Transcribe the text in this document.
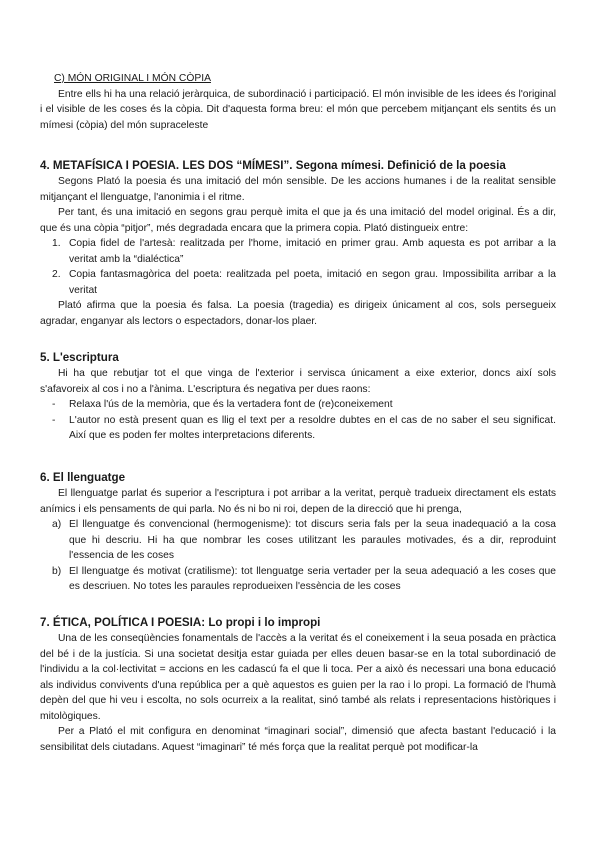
C) MÓN ORIGINAL I MÓN CÒPIA

Entre ells hi ha una relació jeràrquica, de subordinació i participació. El món invisible de les idees és l'original i el visible de les coses és la còpia. Dit d'aquesta forma breu: el món que percebem mitjançant els sentits és un mímesi (còpia) del món supraceleste

4. METAFÍSICA I POESIA. LES DOS “MÍMESI”. Segona mímesi. Definició de la poesia

Segons Plató la poesia és una imitació del món sensible. De les accions humanes i de la realitat sensible mitjançant el llenguatge, l'anonimia i el ritme.

Per tant, és una imitació en segons grau perquè imita el que ja és una imitació del model original. És a dir, que és una còpia “pitjor”, més degradada encara que la primera copia. Plató distingueix entre:

1. Copia fidel de l'artesà: realitzada per l'home, imitació en primer grau. Amb aquesta es pot arribar a la veritat amb la “dialéctica”
2. Copia fantasmagòrica del poeta: realitzada pel poeta, imitació en segon grau. Impossibilita arribar a la veritat

Plató afirma que la poesia és falsa. La poesia (tragedia) es dirigeix únicament al cos, sols persegueix agradar, enganyar als lectors o espectadors, donar-los plaer.

5. L'escriptura

Hi ha que rebutjar tot el que vinga de l'exterior i servisca únicament a eixe exterior, doncs així sols s'afavoreix al cos i no a l'ànima. L'escriptura és negativa per dues raons:

- Relaxa l'ús de la memòria, que és la vertadera font de (re)coneixement
- L'autor no està present quan es llig el text per a resoldre dubtes en el cas de no saber el seu significat. Així que es poden fer moltes interpretacions diferents.
6. El llenguatge

El llenguatge parlat és superior a l'escriptura i pot arribar a la veritat, perquè tradueix directament els estats anímics i els pensaments de qui parla. No és ni bo ni roi, depen de la direcció que hi prenga,

a) El llenguatge és convencional (hermogenisme): tot discurs seria fals per la seua inadequació a la cosa que hi descriu. Hi ha que nombrar les coses utilitzant les paraules motivades, és a dir, reproduint l'essencia de les coses
b) El llenguatge és motivat (cratilisme): tot llenguatge seria vertader per la seua adequació a les coses que es descriuen. No totes les paraules reprodueixen l'essència de les coses
7. ÉTICA, POLÍTICA I POESIA: Lo propi i lo impropi

Una de les conseqüències fonamentals de l'accès a la veritat és el coneixement i la seua posada en pràctica del bé i de la justícia. Si una societat desitja estar guiada per elles deuen basar-se en la total subordinació de l'individu a la col·lectivitat = accions en les cadascú fa el que li toca. Per a això és necessari una bona educació als individus convivents d'una república per a què aquestos es guien per la rao i lo propi. La formació de l'humà depèn del que hi veu i escolta, no sols ocurreix a la realitat, sinó també als relats i representacions històriques i mitològiques.

Per a Plató el mit configura en denominat “imaginari social”, dimensió que afecta bastant l'educació i la sensibilitat dels ciutadans. Aquest “imaginari” té més força que la realitat perquè pot modificar-la
